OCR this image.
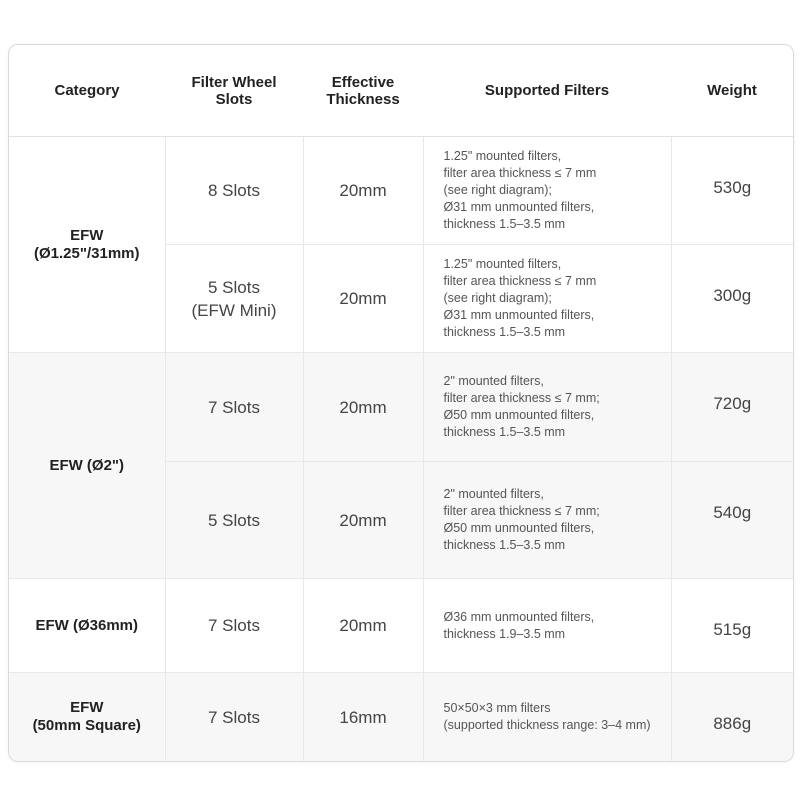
Category	Filter Wheel
Slots	Effective
Thickness	Supported Filters	Weight

EFW
(Ø1.25"/31mm)	8 Slots	20mm	1.25" mounted filters,
filter area thickness ≤ 7 mm
(see right diagram);
Ø31 mm unmounted filters,
thickness 1.5–3.5 mm	530g

	5 Slots
(EFW Mini)	20mm	1.25" mounted filters,
filter area thickness ≤ 7 mm
(see right diagram);
Ø31 mm unmounted filters,
thickness 1.5–3.5 mm	300g

EFW (Ø2")	7 Slots	20mm	2" mounted filters,
filter area thickness ≤ 7 mm;
Ø50 mm unmounted filters,
thickness 1.5–3.5 mm	720g

	5 Slots	20mm	2" mounted filters,
filter area thickness ≤ 7 mm;
Ø50 mm unmounted filters,
thickness 1.5–3.5 mm	540g

EFW (Ø36mm)	7 Slots	20mm	Ø36 mm unmounted filters,
thickness 1.9–3.5 mm	515g

EFW
(50mm Square)	7 Slots	16mm	50×50×3 mm filters
(supported thickness range: 3–4 mm)	886g
